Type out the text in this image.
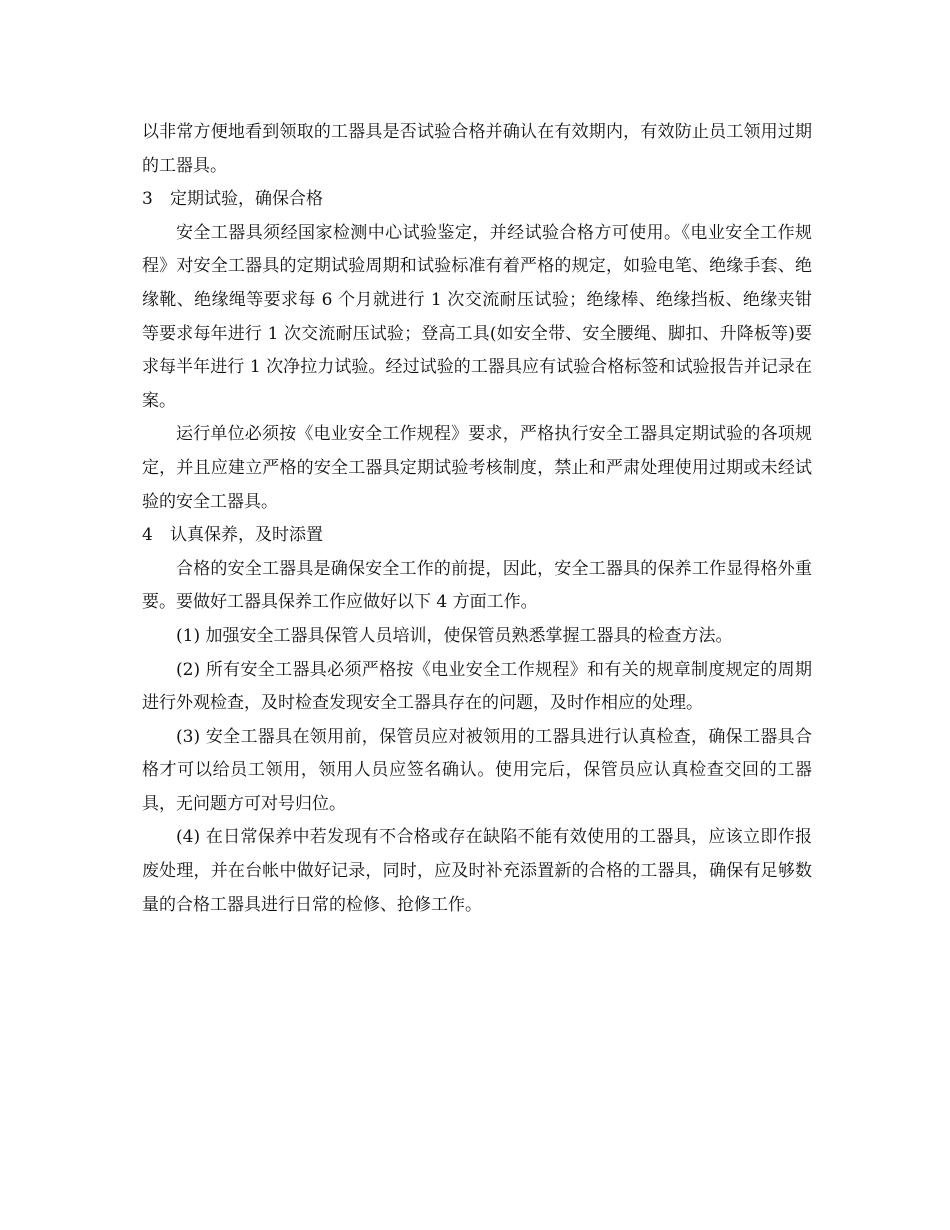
以非常方便地看到领取的工器具是否试验合格并确认在有效期内，有效防止员工领用过期的工器具。

3 定期试验，确保合格

安全工器具须经国家检测中心试验鉴定，并经试验合格方可使用。《电业安全工作规程》对安全工器具的定期试验周期和试验标准有着严格的规定，如验电笔、绝缘手套、绝缘靴、绝缘绳等要求每 6 个月就进行 1 次交流耐压试验；绝缘棒、绝缘挡板、绝缘夹钳等要求每年进行 1 次交流耐压试验；登高工具(如安全带、安全腰绳、脚扣、升降板等)要求每半年进行 1 次净拉力试验。经过试验的工器具应有试验合格标签和试验报告并记录在案。

运行单位必须按《电业安全工作规程》要求，严格执行安全工器具定期试验的各项规定，并且应建立严格的安全工器具定期试验考核制度，禁止和严肃处理使用过期或未经试验的安全工器具。

4 认真保养，及时添置

合格的安全工器具是确保安全工作的前提，因此，安全工器具的保养工作显得格外重要。要做好工器具保养工作应做好以下 4 方面工作。

(1) 加强安全工器具保管人员培训，使保管员熟悉掌握工器具的检查方法。

(2) 所有安全工器具必须严格按《电业安全工作规程》和有关的规章制度规定的周期进行外观检查，及时检查发现安全工器具存在的问题，及时作相应的处理。

(3) 安全工器具在领用前，保管员应对被领用的工器具进行认真检查，确保工器具合格才可以给员工领用，领用人员应签名确认。使用完后，保管员应认真检查交回的工器具，无问题方可对号归位。

(4) 在日常保养中若发现有不合格或存在缺陷不能有效使用的工器具，应该立即作报废处理，并在台帐中做好记录，同时，应及时补充添置新的合格的工器具，确保有足够数量的合格工器具进行日常的检修、抢修工作。
